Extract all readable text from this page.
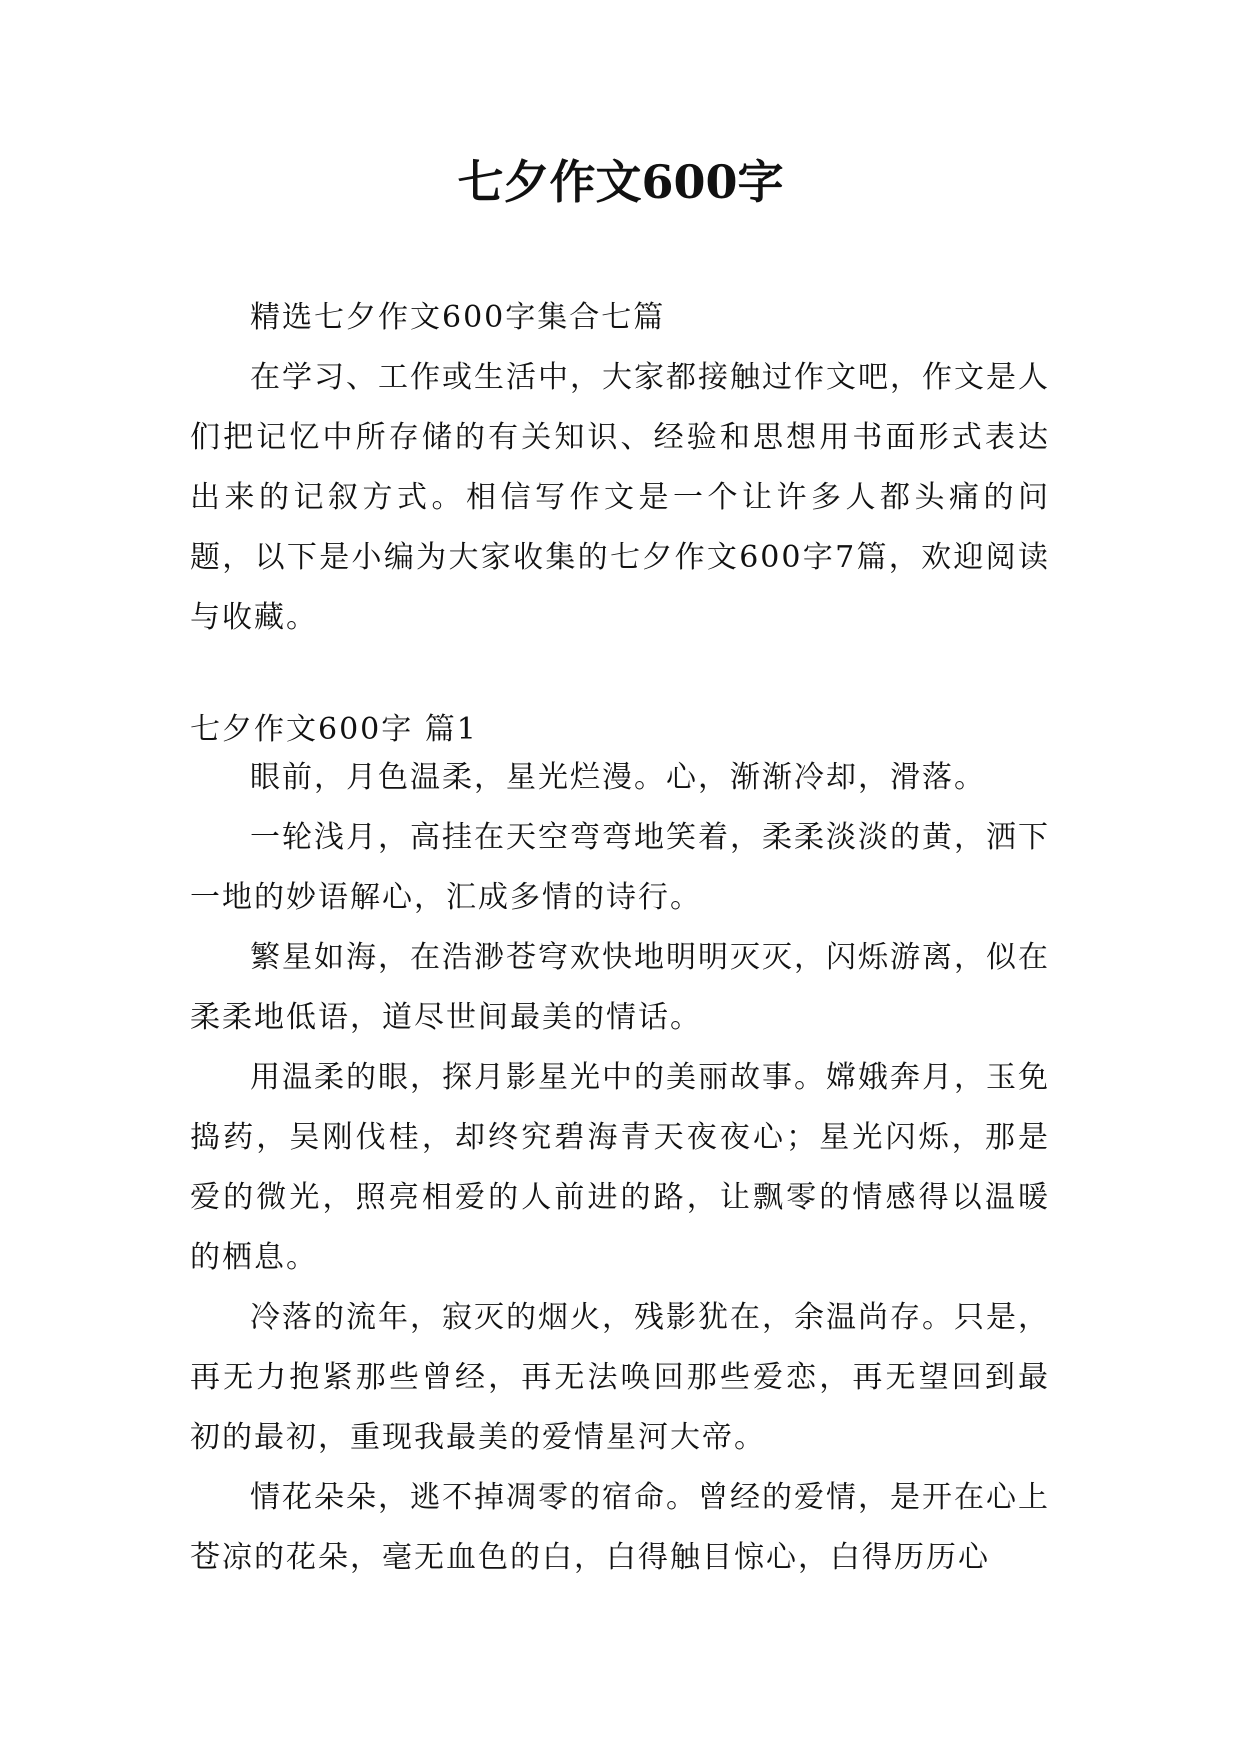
七夕作文600字

精选七夕作文600字集合七篇

在学习、工作或生活中，大家都接触过作文吧，作文是人们把记忆中所存储的有关知识、经验和思想用书面形式表达出来的记叙方式。相信写作文是一个让许多人都头痛的问题，以下是小编为大家收集的七夕作文600字7篇，欢迎阅读与收藏。

七夕作文600字 篇1

眼前，月色温柔，星光烂漫。心，渐渐冷却，滑落。

一轮浅月，高挂在天空弯弯地笑着，柔柔淡淡的黄，洒下一地的妙语解心，汇成多情的诗行。

繁星如海，在浩渺苍穹欢快地明明灭灭，闪烁游离，似在柔柔地低语，道尽世间最美的情话。

用温柔的眼，探月影星光中的美丽故事。嫦娥奔月，玉免捣药，吴刚伐桂，却终究碧海青天夜夜心；星光闪烁，那是爱的微光，照亮相爱的人前进的路，让飘零的情感得以温暖的栖息。

冷落的流年，寂灭的烟火，残影犹在，余温尚存。只是，再无力抱紧那些曾经，再无法唤回那些爱恋，再无望回到最初的最初，重现我最美的爱情星河大帝。

情花朵朵，逃不掉凋零的宿命。曾经的爱情，是开在心上苍凉的花朵，毫无血色的白，白得触目惊心，白得历历心
